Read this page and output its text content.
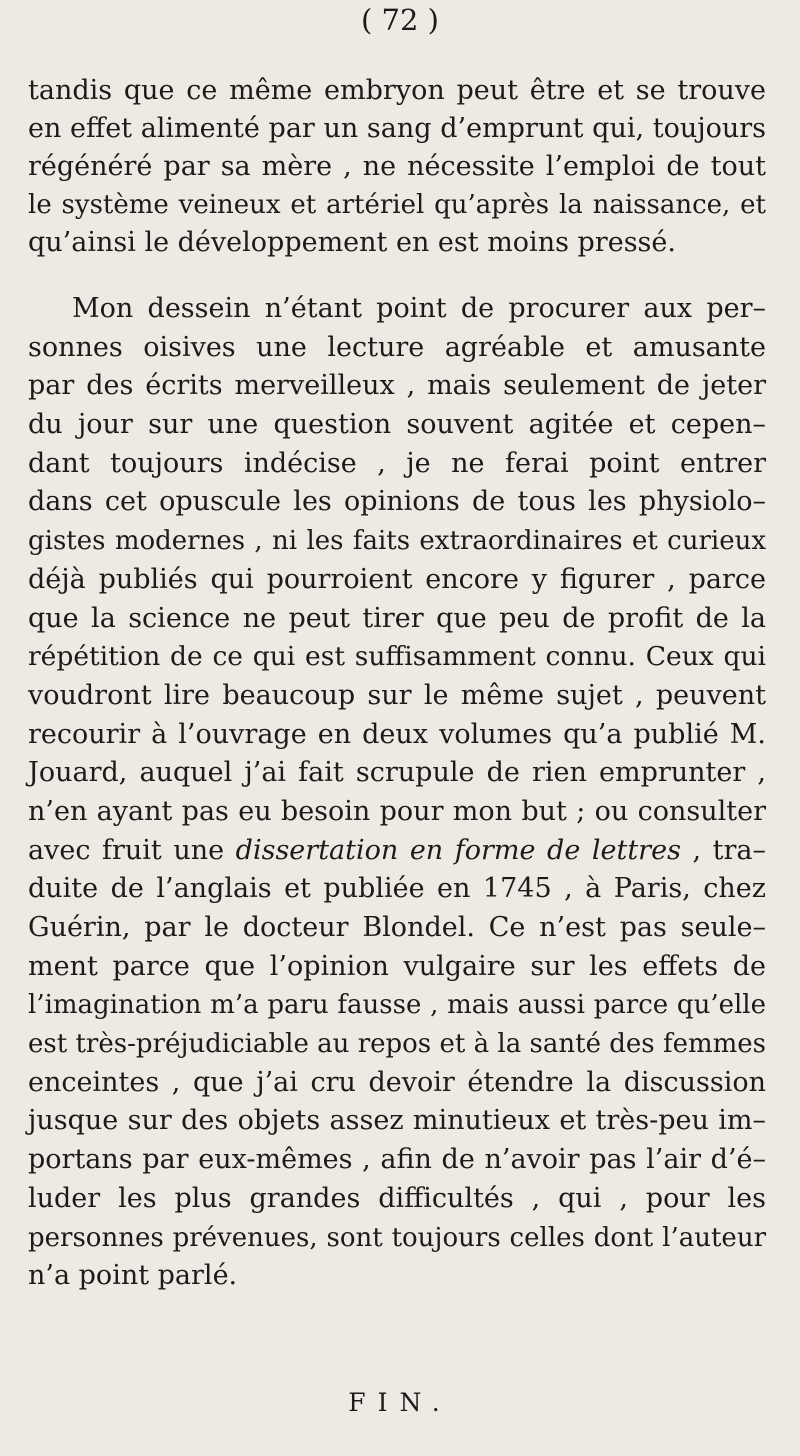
( 72 )
tandis que ce même embryon peut être et se trouve
en effet alimenté par un sang d’emprunt qui, toujours
régénéré par sa mère , ne nécessite l’emploi de tout
le système veineux et artériel qu’après la naissance, et
qu’ainsi le développement en est moins pressé.
Mon dessein n’étant point de procurer aux per–
sonnes oisives une lecture agréable et amusante
par des écrits merveilleux , mais seulement de jeter
du jour sur une question souvent agitée et cepen–
dant toujours indécise , je ne ferai point entrer
dans cet opuscule les opinions de tous les physiolo–
gistes modernes , ni les faits extraordinaires et curieux
déjà publiés qui pourroient encore y figurer , parce
que la science ne peut tirer que peu de profit de la
répétition de ce qui est suffisamment connu. Ceux qui
voudront lire beaucoup sur le même sujet , peuvent
recourir à l’ouvrage en deux volumes qu’a publié M.
Jouard, auquel j’ai fait scrupule de rien emprunter ,
n’en ayant pas eu besoin pour mon but ; ou consulter
avec fruit une dissertation en forme de lettres , tra–
duite de l’anglais et publiée en 1745 , à Paris, chez
Guérin, par le docteur Blondel. Ce n’est pas seule–
ment parce que l’opinion vulgaire sur les effets de
l’imagination m’a paru fausse , mais aussi parce qu’elle
est très-préjudiciable au repos et à la santé des femmes
enceintes , que j’ai cru devoir étendre la discussion
jusque sur des objets assez minutieux et très-peu im–
portans par eux-mêmes , afin de n’avoir pas l’air d’é–
luder les plus grandes difficultés , qui , pour les
personnes prévenues, sont toujours celles dont l’auteur
n’a point parlé.
FIN.
